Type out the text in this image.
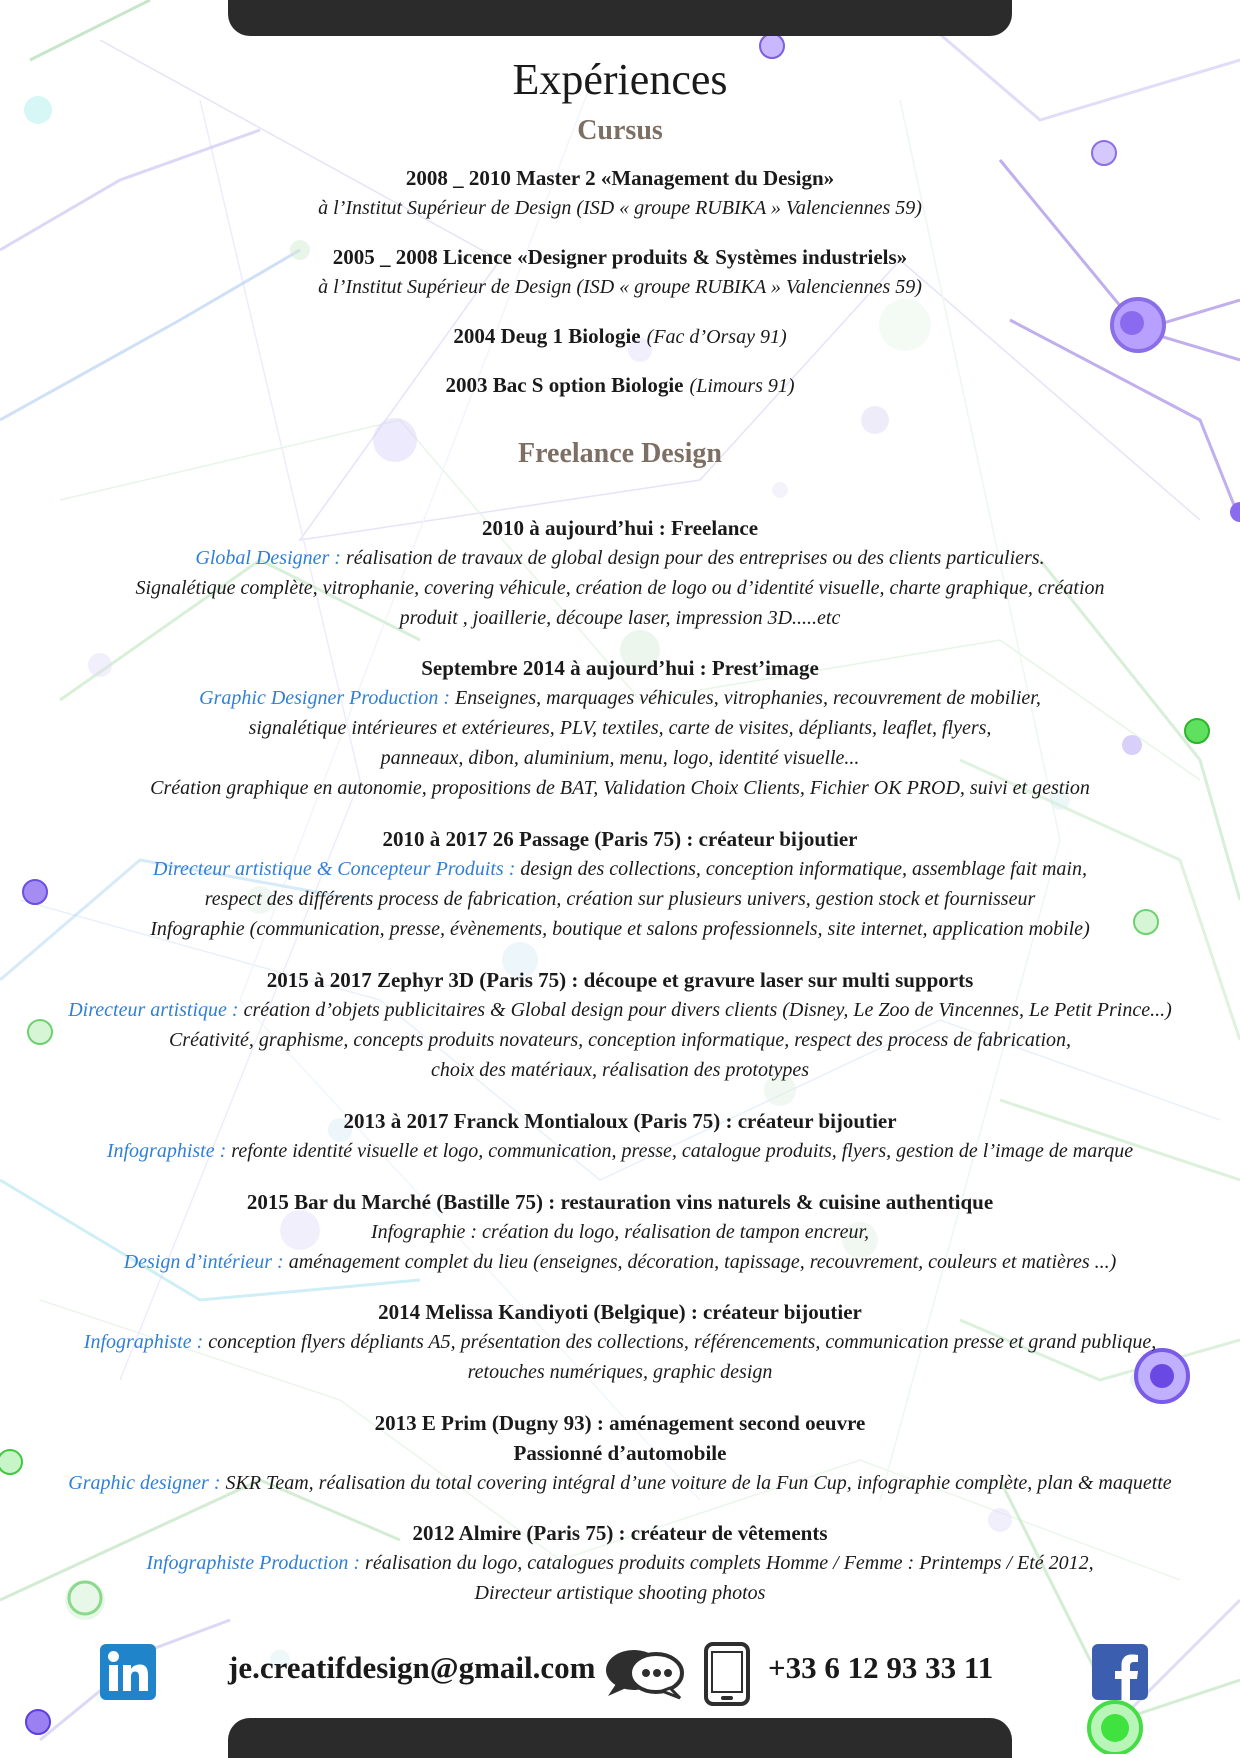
Expériences
Cursus
2008 _ 2010 Master 2 «Management du Design»
à l’Institut Supérieur de Design (ISD « groupe RUBIKA » Valenciennes 59)
2005 _ 2008 Licence «Designer produits & Systèmes industriels»
à l’Institut Supérieur de Design (ISD « groupe RUBIKA » Valenciennes 59)
2004 Deug 1 Biologie (Fac d’Orsay 91)
2003 Bac S option Biologie (Limours 91)
Freelance Design
2010 à aujourd’hui : Freelance
Global Designer : réalisation de travaux de global design pour des entreprises ou des clients particuliers.
Signalétique complète, vitrophanie, covering véhicule, création de logo ou d’identité visuelle, charte graphique, création
produit , joaillerie, découpe laser, impression 3D.....etc
Septembre 2014 à aujourd’hui : Prest’image
Graphic Designer Production : Enseignes, marquages véhicules, vitrophanies, recouvrement de mobilier,
signalétique intérieures et extérieures, PLV, textiles, carte de visites, dépliants, leaflet, flyers,
panneaux, dibon, aluminium, menu, logo, identité visuelle...
Création graphique en autonomie, propositions de BAT, Validation Choix Clients, Fichier OK PROD, suivi et gestion
2010 à 2017 26 Passage (Paris 75) : créateur bijoutier
Directeur artistique & Concepteur Produits : design des collections, conception informatique, assemblage fait main,
respect des différents process de fabrication, création sur plusieurs univers, gestion stock et fournisseur
Infographie (communication, presse, évènements, boutique et salons professionnels, site internet, application mobile)
2015 à 2017 Zephyr 3D (Paris 75) : découpe et gravure laser sur multi supports
Directeur artistique : création d’objets publicitaires & Global design pour divers clients (Disney, Le Zoo de Vincennes, Le Petit Prince...)
Créativité, graphisme, concepts produits novateurs, conception informatique, respect des process de fabrication,
choix des matériaux, réalisation des prototypes
2013 à 2017 Franck Montialoux (Paris 75) : créateur bijoutier
Infographiste : refonte identité visuelle et logo, communication, presse, catalogue produits, flyers, gestion de l’image de marque
2015 Bar du Marché (Bastille 75) : restauration vins naturels & cuisine authentique
Infographie : création du logo, réalisation de tampon encreur,
Design d’intérieur : aménagement complet du lieu (enseignes, décoration, tapissage, recouvrement, couleurs et matières ...)
2014 Melissa Kandiyoti (Belgique) : créateur bijoutier
Infographiste : conception flyers dépliants A5, présentation des collections, référencements, communication presse et grand publique,
retouches numériques, graphic design
2013 E Prim (Dugny 93) : aménagement second oeuvre
Passionné d’automobile
Graphic designer : SKR Team, réalisation du total covering intégral d’une voiture de la Fun Cup, infographie complète, plan & maquette
2012 Almire (Paris 75) : créateur de vêtements
Infographiste Production : réalisation du logo, catalogues produits complets Homme / Femme : Printemps / Eté 2012,
Directeur artistique shooting photos
je.creatifdesign@gmail.com	+33 6 12 93 33 11
